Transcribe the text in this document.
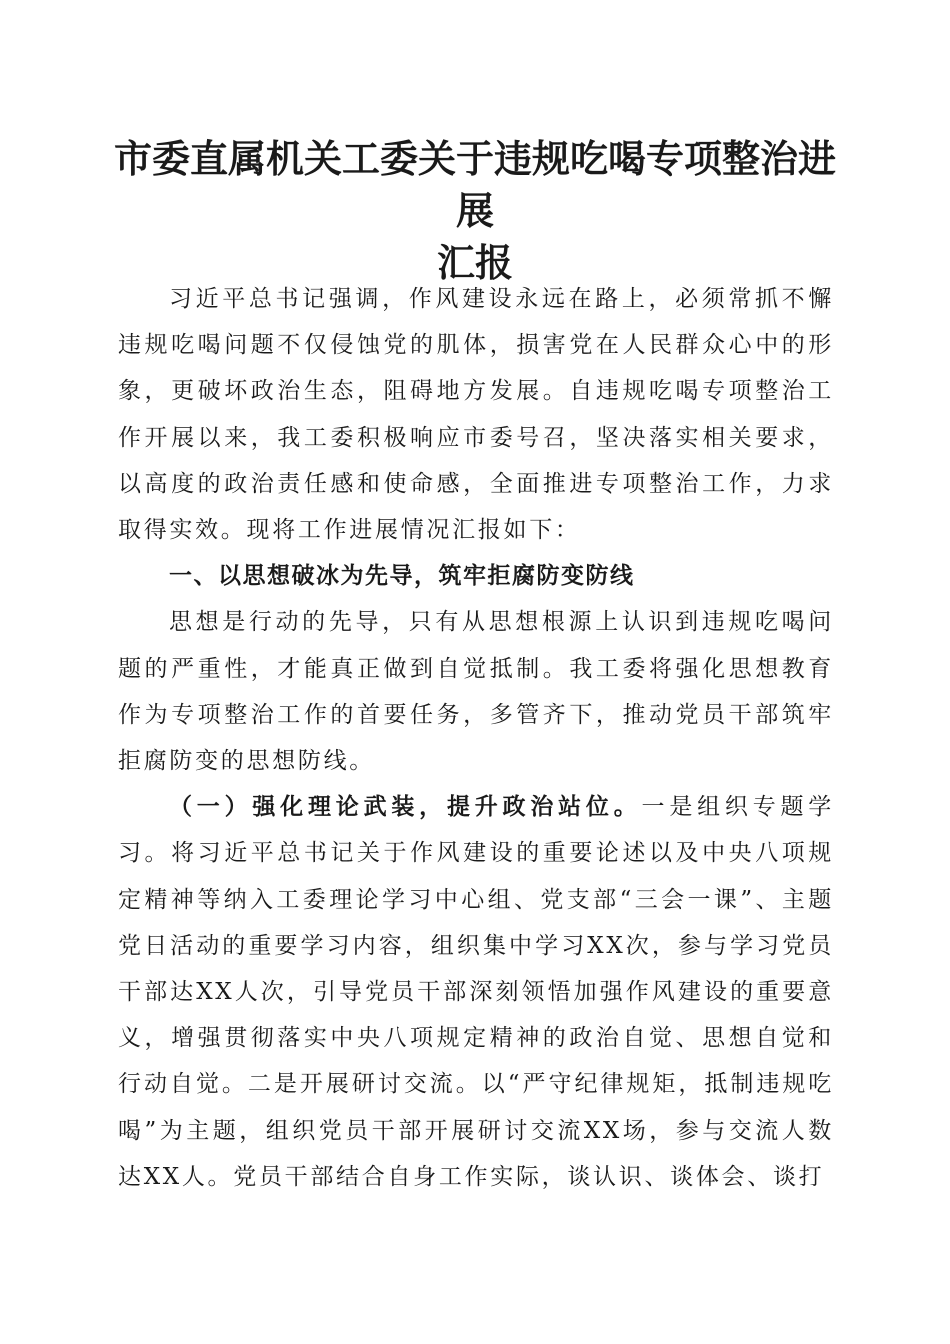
市委直属机关工委关于违规吃喝专项整治进展
汇报

习近平总书记强调，作风建设永远在路上，必须常抓不懈违规吃喝问题不仅侵蚀党的肌体，损害党在人民群众心中的形象，更破坏政治生态，阻碍地方发展。自违规吃喝专项整治工作开展以来，我工委积极响应市委号召，坚决落实相关要求，以高度的政治责任感和使命感，全面推进专项整治工作，力求取得实效。现将工作进展情况汇报如下：

一、以思想破冰为先导，筑牢拒腐防变防线

思想是行动的先导，只有从思想根源上认识到违规吃喝问题的严重性，才能真正做到自觉抵制。我工委将强化思想教育作为专项整治工作的首要任务，多管齐下，推动党员干部筑牢拒腐防变的思想防线。

（一）强化理论武装，提升政治站位。一是组织专题学习。将习近平总书记关于作风建设的重要论述以及中央八项规定精神等纳入工委理论学习中心组、党支部“三会一课”、主题党日活动的重要学习内容，组织集中学习XX次，参与学习党员干部达XX人次，引导党员干部深刻领悟加强作风建设的重要意义，增强贯彻落实中央八项规定精神的政治自觉、思想自觉和行动自觉。二是开展研讨交流。以“严守纪律规矩，抵制违规吃喝”为主题，组织党员干部开展研讨交流XX场，参与交流人数达XX人。党员干部结合自身工作实际，谈认识、谈体会、谈打
